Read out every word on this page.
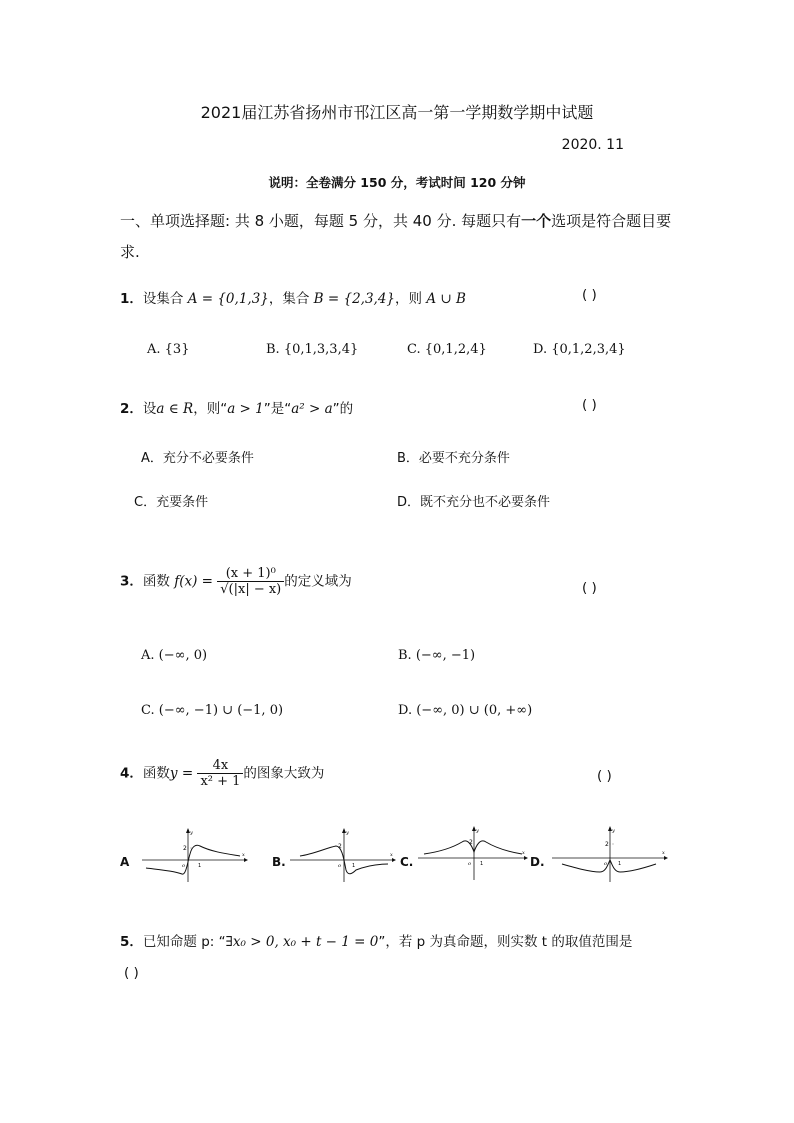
2021届江苏省扬州市邗江区高一第一学期数学期中试题
2020. 11
说明：全卷满分 150 分，考试时间 120 分钟
一、单项选择题: 共 8 小题，每题 5 分，共 40 分. 每题只有一个选项是符合题目要求.
1．设集合 A = {0,1,3}，集合 B = {2,3,4}，则 A ∪ B	( )
A. {3}	B. {0,1,3,3,4}	C. {0,1,2,4}	D. {0,1,2,3,4}
2．设a ∈ R，则“a > 1”是“a² > a”的	( )
A．充分不必要条件	B．必要不充分条件
C．充要条件	D．既不充分也不必要条件
3．函数 $f(x) = \frac{\text{(x + 1)⁰}}{√(|x| - x)}$ 的定义域为	( )
A. (−∞, 0)	B. (−∞, −1)
C. (−∞, −1) ∪ (−1, 0)	D. (−∞, 0) ∪ (0, +∞)
4．函数$y = \frac{4x}{\text{x² + 1}}$ 的图象大致为	( )
A	B.	C.	D.
2
o	1
x
y
2
o 1
x
y
2
o 1
x
y
2
o 1
x
y
5．已知命题 p: “∃x₀ > 0, x₀ + t − 1 = 0”，若 p 为真命题，则实数 t 的取值范围是
( )
